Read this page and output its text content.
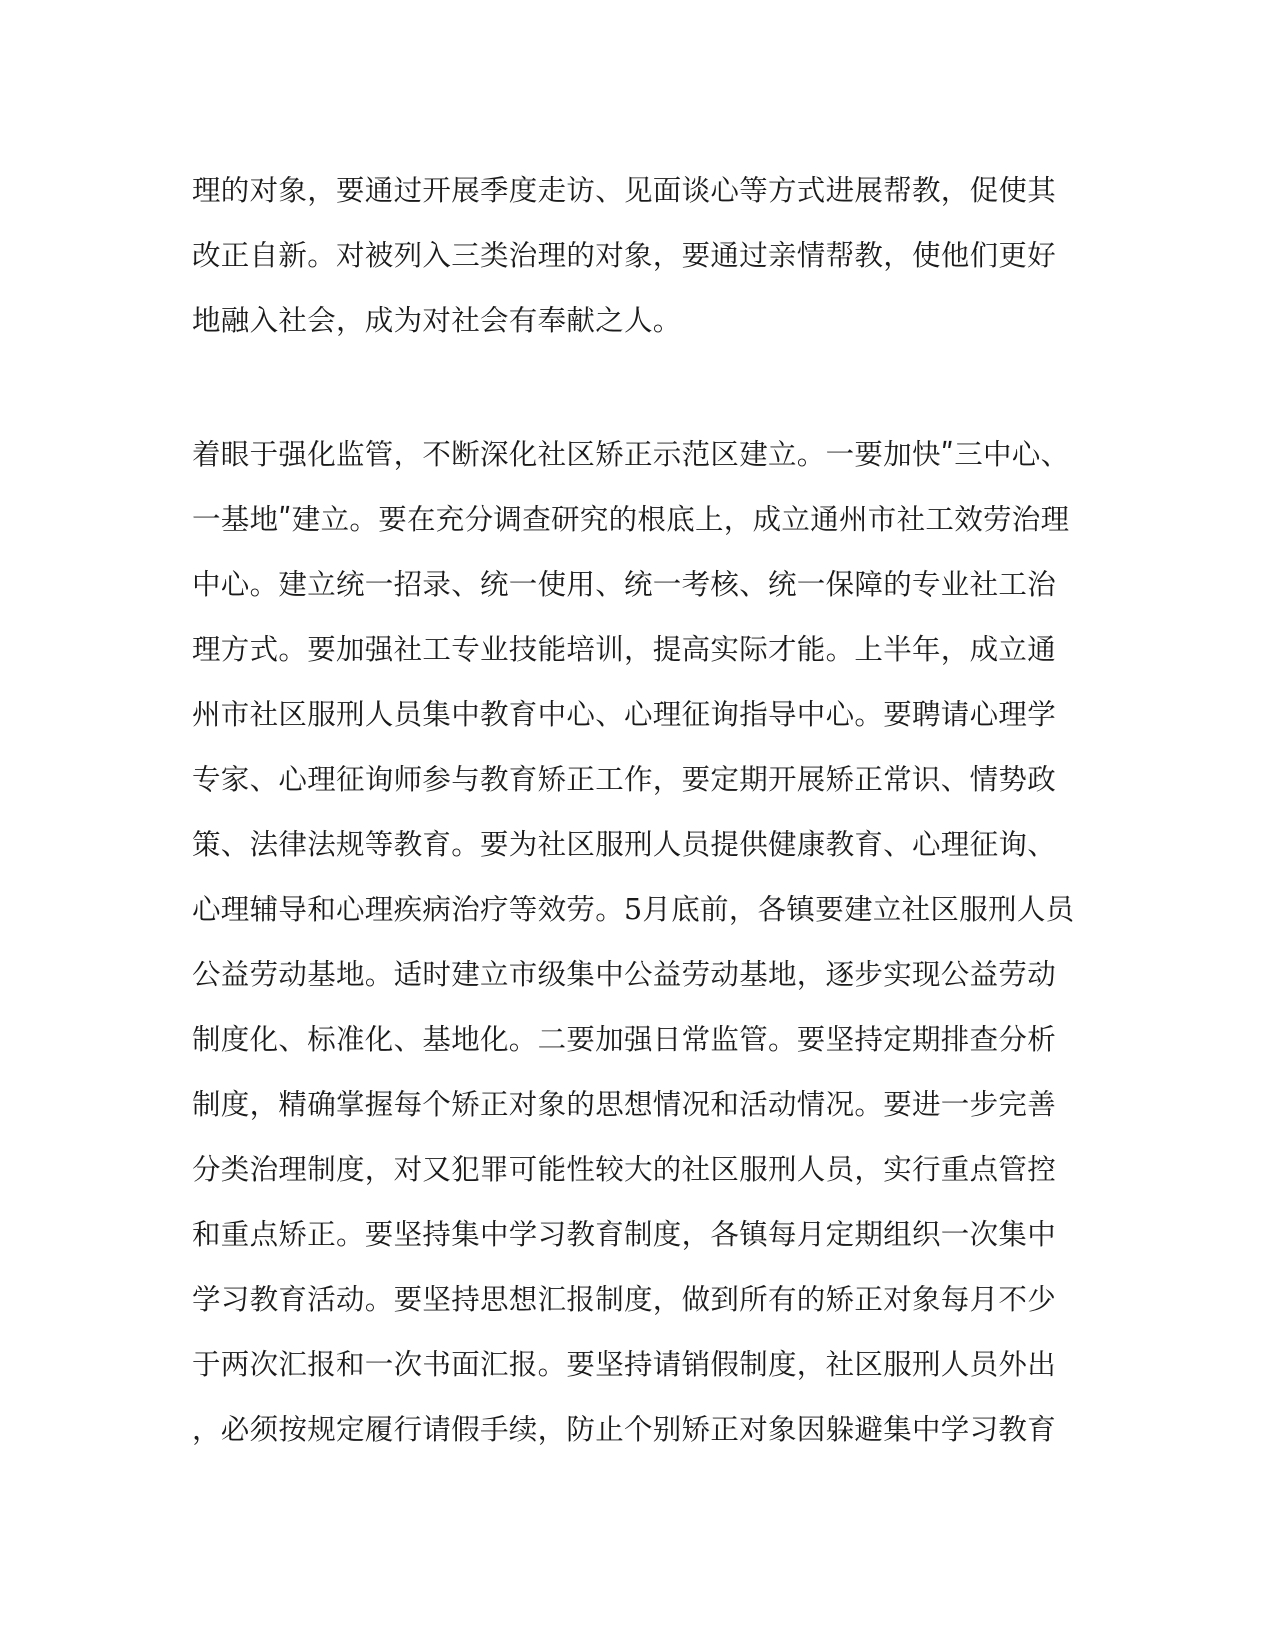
理的对象，要通过开展季度走访、见面谈心等方式进展帮教，促使其
改正自新。对被列入三类治理的对象，要通过亲情帮教，使他们更好
地融入社会，成为对社会有奉献之人。
着眼于强化监管，不断深化社区矫正示范区建立。一要加快ʺ三中心、
一基地ʺ建立。要在充分调查研究的根底上，成立通州市社工效劳治理
中心。建立统一招录、统一使用、统一考核、统一保障的专业社工治
理方式。要加强社工专业技能培训，提高实际才能。上半年，成立通
州市社区服刑人员集中教育中心、心理征询指导中心。要聘请心理学
专家、心理征询师参与教育矫正工作，要定期开展矫正常识、情势政
策、法律法规等教育。要为社区服刑人员提供健康教育、心理征询、
心理辅导和心理疾病治疗等效劳。5月底前，各镇要建立社区服刑人员
公益劳动基地。适时建立市级集中公益劳动基地，逐步实现公益劳动
制度化、标准化、基地化。二要加强日常监管。要坚持定期排查分析
制度，精确掌握每个矫正对象的思想情况和活动情况。要进一步完善
分类治理制度，对又犯罪可能性较大的社区服刑人员，实行重点管控
和重点矫正。要坚持集中学习教育制度，各镇每月定期组织一次集中
学习教育活动。要坚持思想汇报制度，做到所有的矫正对象每月不少
于两次汇报和一次书面汇报。要坚持请销假制度，社区服刑人员外出
，必须按规定履行请假手续，防止个别矫正对象因躲避集中学习教育
